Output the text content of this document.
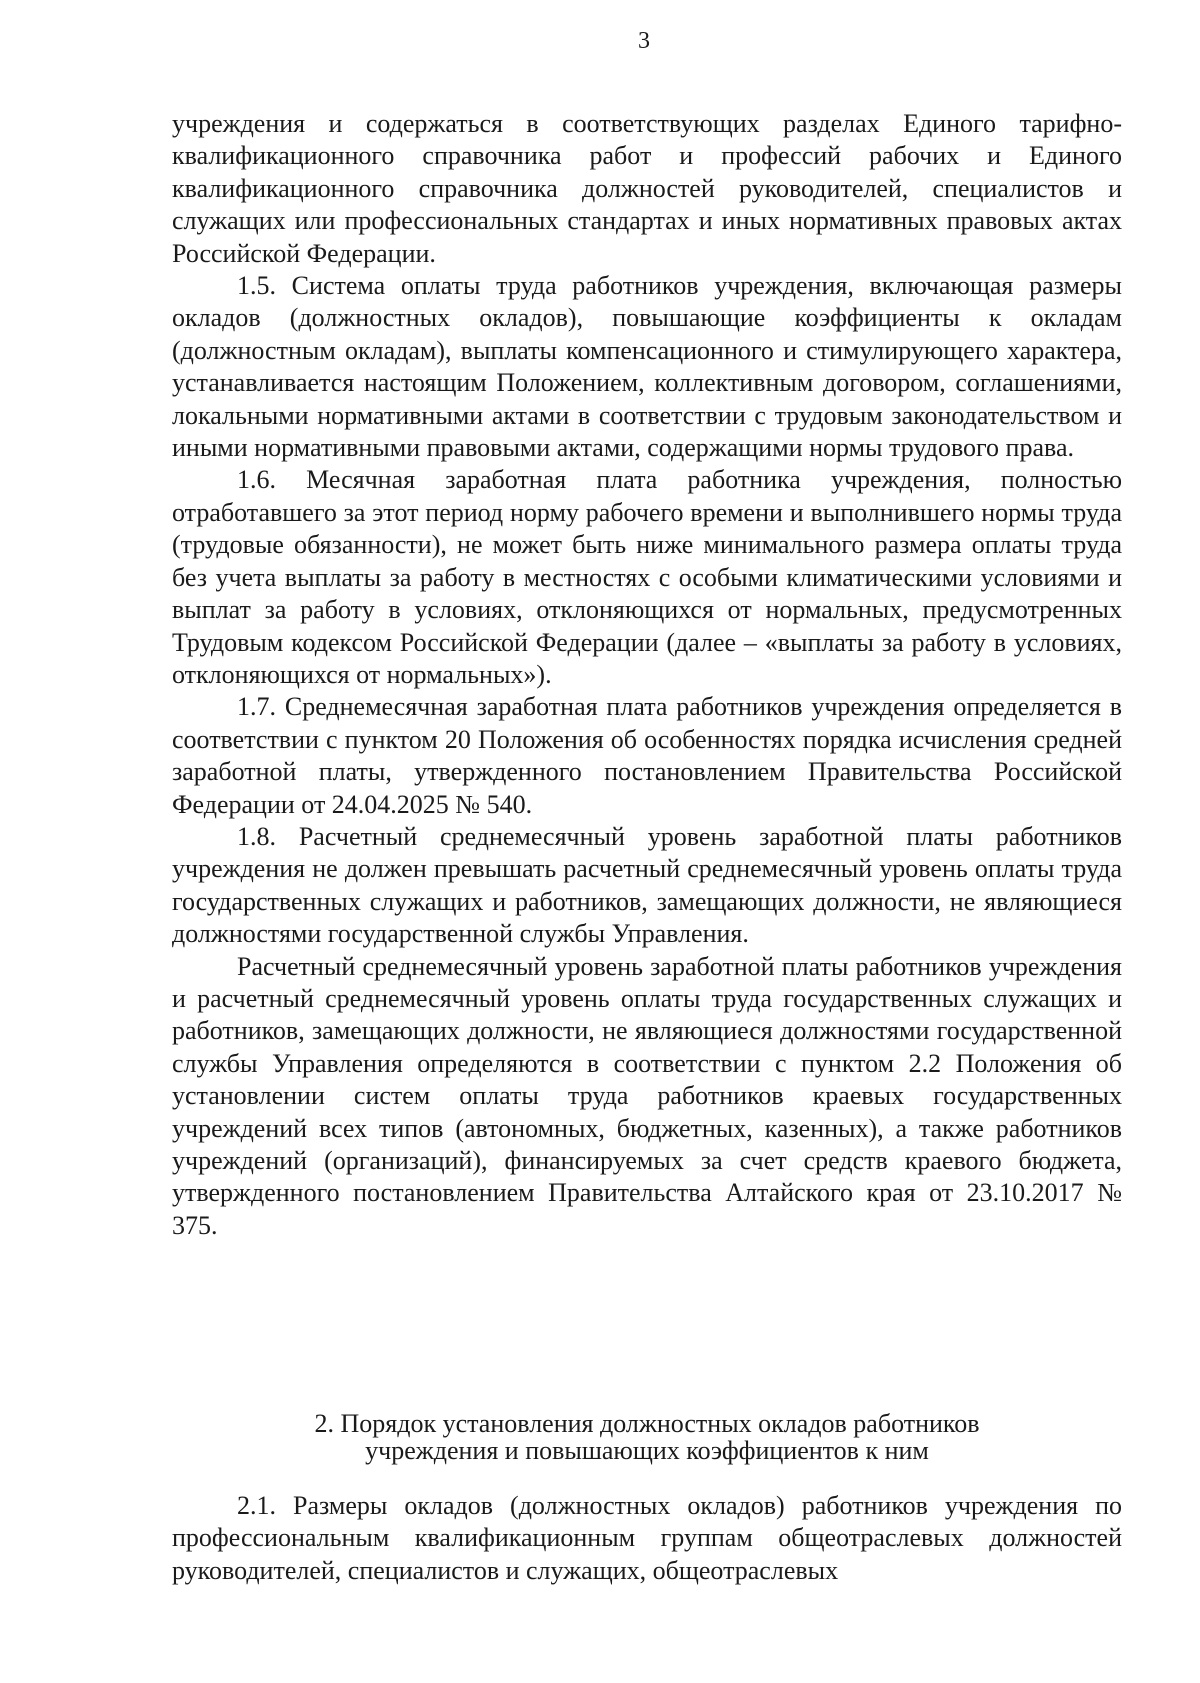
3

учреждения и содержаться в соответствующих разделах Единого тарифно-квалификационного справочника работ и профессий рабочих и Единого квалификационного справочника должностей руководителей, специалистов и служащих или профессиональных стандартах и иных нормативных правовых актах Российской Федерации.

1.5. Система оплаты труда работников учреждения, включающая размеры окладов (должностных окладов), повышающие коэффициенты к окладам (должностным окладам), выплаты компенсационного и стимулирующего характера, устанавливается настоящим Положением, коллективным договором, соглашениями, локальными нормативными актами в соответствии с трудовым законодательством и иными нормативными правовыми актами, содержащими нормы трудового права.

1.6. Месячная заработная плата работника учреждения, полностью отработавшего за этот период норму рабочего времени и выполнившего нормы труда (трудовые обязанности), не может быть ниже минимального размера оплаты труда без учета выплаты за работу в местностях с особыми климатическими условиями и выплат за работу в условиях, отклоняющихся от нормальных, предусмотренных Трудовым кодексом Российской Федерации (далее – «выплаты за работу в условиях, отклоняющихся от нормальных»).

1.7. Среднемесячная заработная плата работников учреждения определяется в соответствии с пунктом 20 Положения об особенностях порядка исчисления средней заработной платы, утвержденного постановлением Правительства Российской Федерации от 24.04.2025 № 540.

1.8. Расчетный среднемесячный уровень заработной платы работников учреждения не должен превышать расчетный среднемесячный уровень оплаты труда государственных служащих и работников, замещающих должности, не являющиеся должностями государственной службы Управления.

Расчетный среднемесячный уровень заработной платы работников учреждения и расчетный среднемесячный уровень оплаты труда государственных служащих и работников, замещающих должности, не являющиеся должностями государственной службы Управления определяются в соответствии с пунктом 2.2 Положения об установлении систем оплаты труда работников краевых государственных учреждений всех типов (автономных, бюджетных, казенных), а также работников учреждений (организаций), финансируемых за счет средств краевого бюджета, утвержденного постановлением Правительства Алтайского края от 23.10.2017 № 375.

2. Порядок установления должностных окладов работников
учреждения и повышающих коэффициентов к ним

2.1. Размеры окладов (должностных окладов) работников учреждения по профессиональным квалификационным группам общеотраслевых должностей руководителей, специалистов и служащих, общеотраслевых
